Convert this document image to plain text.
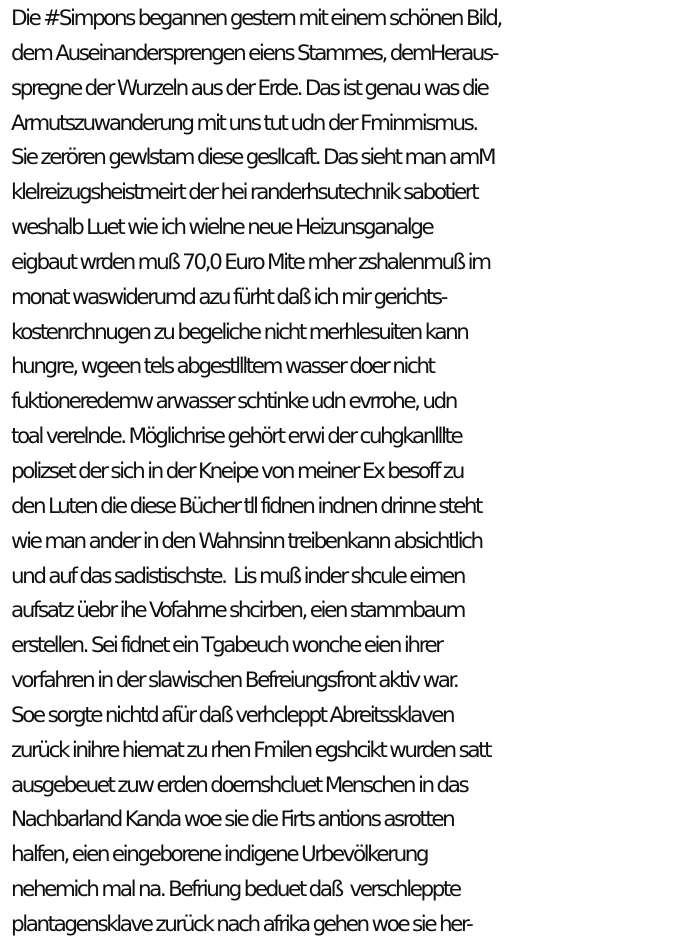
Die #Simpons begannen gestern mit einem schönen Bild,
dem Auseinandersprengen eiens Stammes, demHeraus-
spregne der Wurzeln aus der Erde. Das ist genau was die
Armutszuwanderung mit uns tut udn der Fminmismus.
Sie zerören gewlstam diese geslIcaft. Das sieht man amM
klelreizugsheistmeirt der hei randerhsutechnik sabotiert
weshalb Luet wie ich wielne neue Heizunsganalge
eigbaut wrden muß 70,0 Euro Mite mher zshalenmuß im
monat waswiderumd azu fürht daß ich mir gerichts-
kostenrchnugen zu begeliche nicht merhlesuiten kann
hungre, wgeen tels abgestllltem wasser doer nicht
fuktioneredemw arwasser schtinke udn evrrohe, udn
toal verelnde. Möglichrise gehört erwi der cuhgkanlllte
polizset der sich in der Kneipe von meiner Ex besoff zu
den Luten die diese Bücher tll fidnen indnen drinne steht
wie man ander in den Wahnsinn treibenkann absichtlich
und auf das sadistischste.  Lis muß inder shcule eimen
aufsatz üebr ihe Vofahrne shcirben, eien stammbaum
erstellen. Sei fidnet ein Tgabeuch wonche eien ihrer
vorfahren in der slawischen Befreiungsfront aktiv war.
Soe sorgte nichtd afür daß verhcleppt Abreitssklaven
zurück inihre hiemat zu rhen Fmilen egshcikt wurden satt
ausgebeuet zuw erden doernshcluet Menschen in das
Nachbarland Kanda woe sie die Firts antions asrotten
halfen, eien eingeborene indigene Urbevölkerung
nehemich mal na. Befriung beduet daß  verschleppte
plantagensklave zurück nach afrika gehen woe sie her-
